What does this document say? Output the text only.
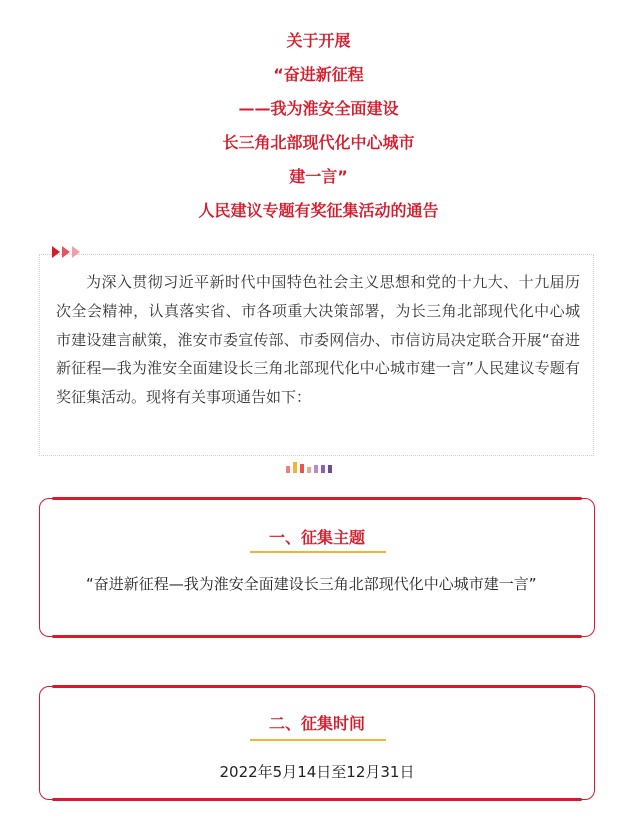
关于开展
“奋进新征程
——我为淮安全面建设
长三角北部现代化中心城市
建一言”
人民建议专题有奖征集活动的通告
为深入贯彻习近平新时代中国特色社会主义思想和党的十九大、十九届历次全会精神，认真落实省、市各项重大决策部署，为长三角北部现代化中心城市建设建言献策，淮安市委宣传部、市委网信办、市信访局决定联合开展“奋进新征程—我为淮安全面建设长三角北部现代化中心城市建一言”人民建议专题有奖征集活动。现将有关事项通告如下：
一、征集主题
“奋进新征程—我为淮安全面建设长三角北部现代化中心城市建一言”
二、征集时间
2022年5月14日至12月31日
